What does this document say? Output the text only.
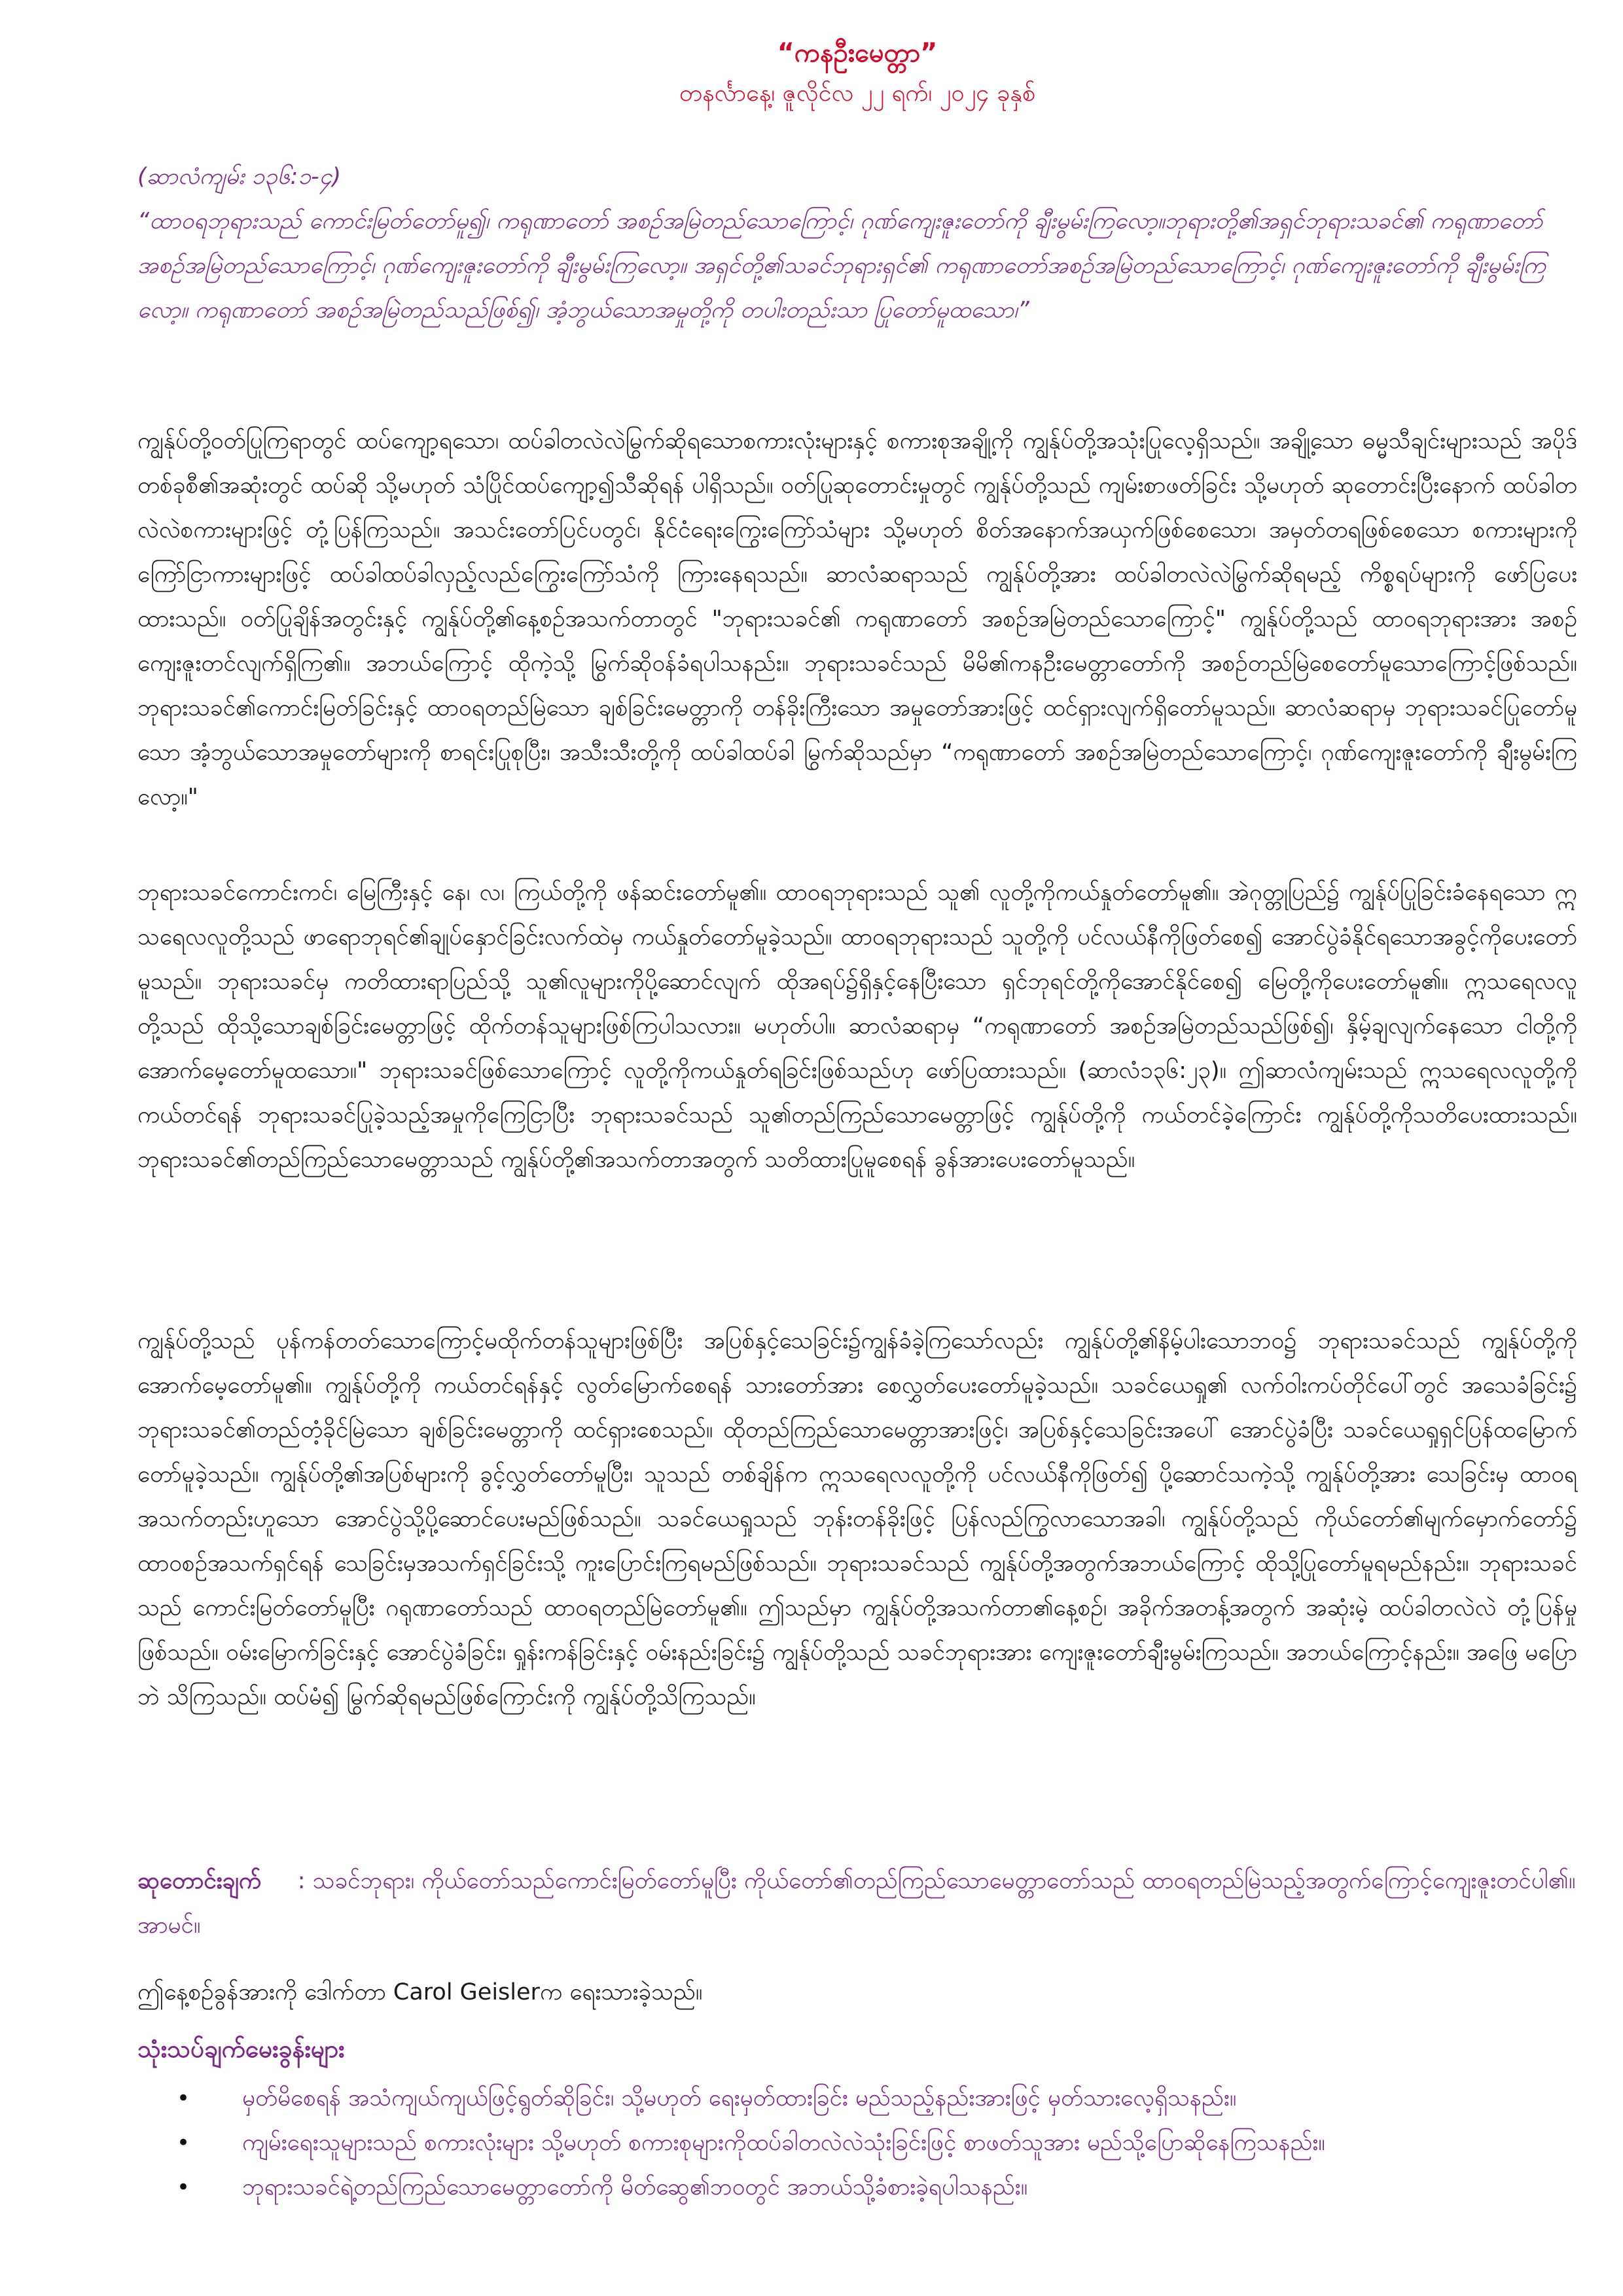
“ကနဦးမေတ္တာ”
တနင်္လာနေ့၊ ဇူလိုင်လ ၂၂ ရက်၊ ၂၀၂၄ ခုနှစ်

(ဆာလံကျမ်း ၁၃၆:၁-၄)

“ထာဝရဘုရားသည် ကောင်းမြတ်တော်မူ၍၊ ကရုဏာတော် အစဉ်အမြဲတည်သောကြောင့်၊ ဂုဏ်ကျေးဇူးတော်ကို ချီးမွမ်းကြလော့။ဘုရားတို့၏အရှင်ဘုရားသခင်၏ ကရုဏာတော်အစဉ်အမြဲတည်သောကြောင့်၊ ဂုဏ်ကျေးဇူးတော်ကို ချီးမွမ်းကြလော့။ အရှင်တို့၏သခင်ဘုရားရှင်၏ ကရုဏာတော်အစဉ်အမြဲတည်သောကြောင့်၊ ဂုဏ်ကျေးဇူးတော်ကို ချီးမွမ်းကြလော့။ ကရုဏာတော် အစဉ်အမြဲတည်သည်ဖြစ်၍၊ အံ့ဘွယ်သောအမှုတို့ကို တပါးတည်းသာ ပြုတော်မူထသော၊”

ကျွန်ုပ်တို့ဝတ်ပြုကြရာတွင် ထပ်ကျော့ရသော၊ ထပ်ခါတလဲလဲမြွက်ဆိုရသောစကားလုံးများနှင့် စကားစုအချို့ကို ကျွန်ုပ်တို့အသုံးပြုလေ့ရှိသည်။ အချို့သော ဓမ္မသီချင်းများသည် အပိုဒ်တစ်ခုစီ၏အဆုံးတွင် ထပ်ဆို သို့မဟုတ် သံပြိုင်ထပ်ကျော့၍သီဆိုရန် ပါရှိသည်။ ဝတ်ပြုဆုတောင်းမှုတွင် ကျွန်ုပ်တို့သည် ကျမ်းစာဖတ်ခြင်း သို့မဟုတ် ဆုတောင်းပြီးနောက် ထပ်ခါတလဲလဲစကားများဖြင့် တုံ့ပြန်ကြသည်။ အသင်းတော်ပြင်ပတွင်၊ နိုင်ငံရေးကြွေးကြော်သံများ သို့မဟုတ် စိတ်အနောက်အယှက်ဖြစ်စေသော၊ အမှတ်တရဖြစ်စေသော စကားများကို ကြော်ငြာကားများဖြင့် ထပ်ခါထပ်ခါလှည့်လည်ကြွေးကြော်သံကို ကြားနေရသည်။ ဆာလံဆရာသည် ကျွန်ုပ်တို့အား ထပ်ခါတလဲလဲမြွက်ဆိုရမည့် ကိစ္စရပ်များကို ဖော်ပြပေးထားသည်။ ဝတ်ပြုချိန်အတွင်းနှင့် ကျွန်ုပ်တို့၏နေ့စဉ်အသက်တာတွင် "ဘုရားသခင်၏ ကရုဏာတော် အစဉ်အမြဲတည်သောကြောင့်" ကျွန်ုပ်တို့သည် ထာဝရဘုရားအား အစဉ်ကျေးဇူးတင်လျက်ရှိကြ၏။ အဘယ်ကြောင့် ထိုကဲ့သို့ မြွက်ဆိုဝန်ခံရပါသနည်း။ ဘုရားသခင်သည် မိမိ၏ကနဦးမေတ္တာတော်ကို အစဉ်တည်မြဲစေတော်မူသောကြောင့်ဖြစ်သည်။ ဘုရားသခင်၏ကောင်းမြတ်ခြင်းနှင့် ထာဝရတည်မြဲသော ချစ်ခြင်းမေတ္တာကို တန်ခိုးကြီးသော အမှုတော်အားဖြင့် ထင်ရှားလျက်ရှိတော်မူသည်။ ဆာလံဆရာမှ ဘုရားသခင်ပြုတော်မူသော အံ့ဘွယ်သောအမှုတော်များကို စာရင်းပြုစုပြီး၊ အသီးသီးတို့ကို ထပ်ခါထပ်ခါ မြွက်ဆိုသည်မှာ “ကရုဏာတော် အစဉ်အမြဲတည်သောကြောင့်၊ ဂုဏ်ကျေးဇူးတော်ကို ချီးမွမ်းကြလော့။"

ဘုရားသခင်ကောင်းကင်၊ မြေကြီးနှင့် နေ၊ လ၊ ကြယ်တို့ကို ဖန်ဆင်းတော်မူ၏။ ထာဝရဘုရားသည် သူ၏ လူတို့ကိုကယ်နှုတ်တော်မူ၏။ အဲဂုတ္တုပြည်၌ ကျွန်ုပ်ပြုခြင်းခံနေရသော ဣသရေလလူတို့သည် ဖာရောဘုရင်၏ချုပ်နှောင်ခြင်းလက်ထဲမှ ကယ်နှုတ်တော်မူခဲ့သည်။ ထာဝရဘုရားသည် သူတို့ကို ပင်လယ်နီကိုဖြတ်စေ၍ အောင်ပွဲခံနိုင်ရသောအခွင့်ကိုပေးတော်မူသည်။ ဘုရားသခင်မှ ကတိထားရာပြည်သို့ သူ၏လူများကိုပို့ဆောင်လျက် ထိုအရပ်၌ရှိနှင့်နေပြီးသော ရှင်ဘုရင်တို့ကိုအောင်နိုင်စေ၍ မြေတို့ကိုပေးတော်မူ၏။ ဣသရေလလူတို့သည် ထိုသို့သောချစ်ခြင်းမေတ္တာဖြင့် ထိုက်တန်သူများဖြစ်ကြပါသလား။ မဟုတ်ပါ။ ဆာလံဆရာမှ “ကရုဏာတော် အစဉ်အမြဲတည်သည်ဖြစ်၍၊ နှိမ့်ချလျက်နေသော ငါတို့ကို အောက်မေ့တော်မူထသော။" ဘုရားသခင်ဖြစ်သောကြောင့် လူတို့ကိုကယ်နှုတ်ရခြင်းဖြစ်သည်ဟု ဖော်ပြထားသည်။ (ဆာလံ၁၃၆:၂၃)။ ဤဆာလံကျမ်းသည် ဣသရေလလူတို့ကို ကယ်တင်ရန် ဘုရားသခင်ပြုခဲ့သည့်အမှုကိုကြေငြာပြီး ဘုရားသခင်သည် သူ၏တည်ကြည်သောမေတ္တာဖြင့် ကျွန်ုပ်တို့ကို ကယ်တင်ခဲ့ကြောင်း ကျွန်ုပ်တို့ကိုသတိပေးထားသည်။ ဘုရားသခင်၏တည်ကြည်သောမေတ္တာသည် ကျွန်ုပ်တို့၏အသက်တာအတွက် သတိထားပြုမူစေရန် ခွန်အားပေးတော်မူသည်။

ကျွန်ုပ်တို့သည် ပုန်ကန်တတ်သောကြောင့်မထိုက်တန်သူများဖြစ်ပြီး အပြစ်နှင့်သေခြင်း၌ကျွန်ခံခဲ့ကြသော်လည်း ကျွန်ုပ်တို့၏နိမ့်ပါးသောဘဝ၌ ဘုရားသခင်သည် ကျွန်ုပ်တို့ကိုအောက်မေ့တော်မူ၏။ ကျွန်ုပ်တို့ကို ကယ်တင်ရန်နှင့် လွတ်မြောက်စေရန် သားတော်အား စေလွှတ်ပေးတော်မူခဲ့သည်။ သခင်ယေရှု၏ လက်ဝါးကပ်တိုင်ပေါ်တွင် အသေခံခြင်း၌ ဘုရားသခင်၏တည်တံ့ခိုင်မြဲသော ချစ်ခြင်းမေတ္တာကို ထင်ရှားစေသည်။ ထိုတည်ကြည်သောမေတ္တာအားဖြင့်၊ အပြစ်နှင့်သေခြင်းအပေါ် အောင်ပွဲခံပြီး သခင်ယေရှုရှင်ပြန်ထမြောက်တော်မူခဲ့သည်။ ကျွန်ုပ်တို့၏အပြစ်များကို ခွင့်လွှတ်တော်မူပြီး၊ သူသည် တစ်ချိန်က ဣသရေလလူတို့ကို ပင်လယ်နီကိုဖြတ်၍ ပို့ဆောင်သကဲ့သို့ ကျွန်ုပ်တို့အား သေခြင်းမှ ထာဝရအသက်တည်းဟူသော အောင်ပွဲသို့ပို့ဆောင်ပေးမည်ဖြစ်သည်။ သခင်ယေရှုသည် ဘုန်းတန်ခိုးဖြင့် ပြန်လည်ကြွလာသောအခါ၊ ကျွန်ုပ်တို့သည် ကိုယ်တော်၏မျက်မှောက်တော်၌ ထာဝစဉ်အသက်ရှင်ရန် သေခြင်းမှအသက်ရှင်ခြင်းသို့ ကူးပြောင်းကြရမည်ဖြစ်သည်။ ဘုရားသခင်သည် ကျွန်ုပ်တို့အတွက်အဘယ်ကြောင့် ထိုသို့ပြုတော်မူရမည်နည်း။ ဘုရားသခင်သည် ကောင်းမြတ်တော်မူပြီး ဂရုဏာတော်သည် ထာဝရတည်မြဲတော်မူ၏။ ဤသည်မှာ ကျွန်ုပ်တို့အသက်တာ၏နေ့စဉ်၊ အခိုက်အတန့်အတွက် အဆုံးမဲ့ ထပ်ခါတလဲလဲ တုံ့ပြန်မှုဖြစ်သည်။ ဝမ်းမြောက်ခြင်းနှင့် အောင်ပွဲခံခြင်း၊ ရှုန်းကန်ခြင်းနှင့် ဝမ်းနည်းခြင်း၌ ကျွန်ုပ်တို့သည် သခင်ဘုရားအား ကျေးဇူးတော်ချီးမွမ်းကြသည်။ အဘယ်ကြောင့်နည်း။ အဖြေ မပြောဘဲ သိကြသည်။ ထပ်မံ၍ မြွက်ဆိုရမည်ဖြစ်ကြောင်းကို ကျွန်ုပ်တို့သိကြသည်။

ဆုတောင်းချက် : သခင်ဘုရား၊ ကိုယ်တော်သည်ကောင်းမြတ်တော်မူပြီး ကိုယ်တော်၏တည်ကြည်သောမေတ္တာတော်သည် ထာဝရတည်မြဲသည့်အတွက်ကြောင့်ကျေးဇူးတင်ပါ၏။ အာမင်။

ဤနေ့စဉ်ခွန်အားကို ဒေါက်တာ Carol Geislerက ရေးသားခဲ့သည်။

သုံးသပ်ချက်မေးခွန်းများ

• မှတ်မိစေရန် အသံကျယ်ကျယ်ဖြင့်ရွတ်ဆိုခြင်း၊ သို့မဟုတ် ရေးမှတ်ထားခြင်း မည်သည့်နည်းအားဖြင့် မှတ်သားလေ့ရှိသနည်း။
• ကျမ်းရေးသူများသည် စကားလုံးများ သို့မဟုတ် စကားစုများကိုထပ်ခါတလဲလဲသုံးခြင်းဖြင့် စာဖတ်သူအား မည်သို့ပြောဆိုနေကြသနည်း။
• ဘုရားသခင်ရဲ့တည်ကြည်သောမေတ္တာတော်ကို မိတ်ဆွေ၏ဘဝတွင် အဘယ်သို့ခံစားခဲ့ရပါသနည်း။
